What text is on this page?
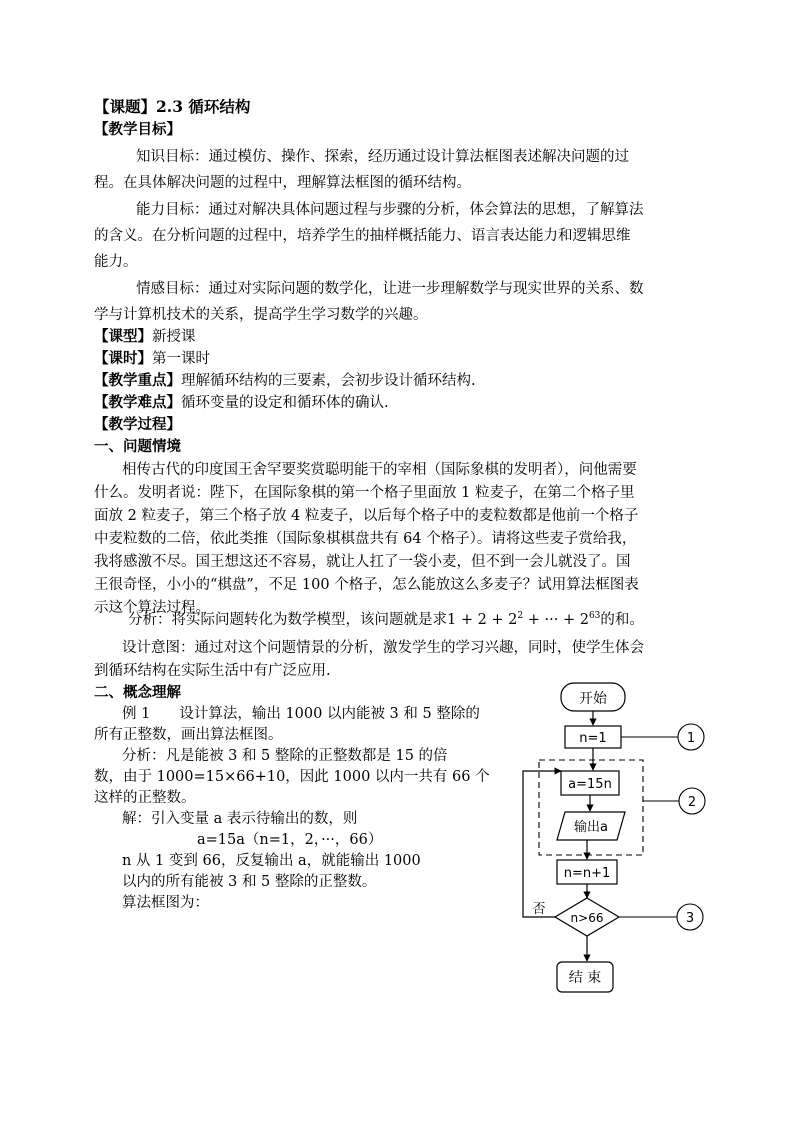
【课题】2.3 循环结构
【教学目标】
知识目标：通过模仿、操作、探索，经历通过设计算法框图表述解决问题的过
程。在具体解决问题的过程中，理解算法框图的循环结构。
能力目标：通过对解决具体问题过程与步骤的分析，体会算法的思想，了解算法
的含义。在分析问题的过程中，培养学生的抽样概括能力、语言表达能力和逻辑思维
能力。
情感目标：通过对实际问题的数学化，让进一步理解数学与现实世界的关系、数
学与计算机技术的关系，提高学生学习数学的兴趣。
【课型】新授课
【课时】第一课时
【教学重点】理解循环结构的三要素，会初步设计循环结构.
【教学难点】循环变量的设定和循环体的确认.
【教学过程】
一、问题情境
相传古代的印度国王舍罕要奖赏聪明能干的宰相（国际象棋的发明者），问他需要
什么。发明者说：陛下，在国际象棋的第一个格子里面放 1 粒麦子，在第二个格子里
面放 2 粒麦子，第三个格子放 4 粒麦子，以后每个格子中的麦粒数都是他前一个格子
中麦粒数的二倍，依此类推（国际象棋棋盘共有 64 个格子）。请将这些麦子赏给我，
我将感激不尽。国王想这还不容易，就让人扛了一袋小麦，但不到一会儿就没了。国
王很奇怪，小小的“棋盘”，不足 100 个格子，怎么能放这么多麦子？试用算法框图表
示这个算法过程。
分析：将实际问题转化为数学模型，该问题就是求$1 + 2 + 2^2$ + ··· + $2^{63}$的和。
设计意图：通过对这个问题情景的分析，激发学生的学习兴趣，同时，使学生体会
到循环结构在实际生活中有广泛应用.
二、概念理解
例 1　　设计算法，输出 1000 以内能被 3 和 5 整除的
所有正整数，画出算法框图。
分析：凡是能被 3 和 5 整除的正整数都是 15 的倍
数，由于 1000=15×66+10，因此 1000 以内一共有 66 个
这样的正整数。
解：引入变量 a 表示待输出的数，则
a=15a（n=1，2，···，66）
n 从 1 变到 66，反复输出 a，就能输出 1000
以内的所有能被 3 和 5 整除的正整数。
算法框图为：
开始
n=1	1
a=15n
输出a
2
n=n+1
n>66
否
3
结 束
